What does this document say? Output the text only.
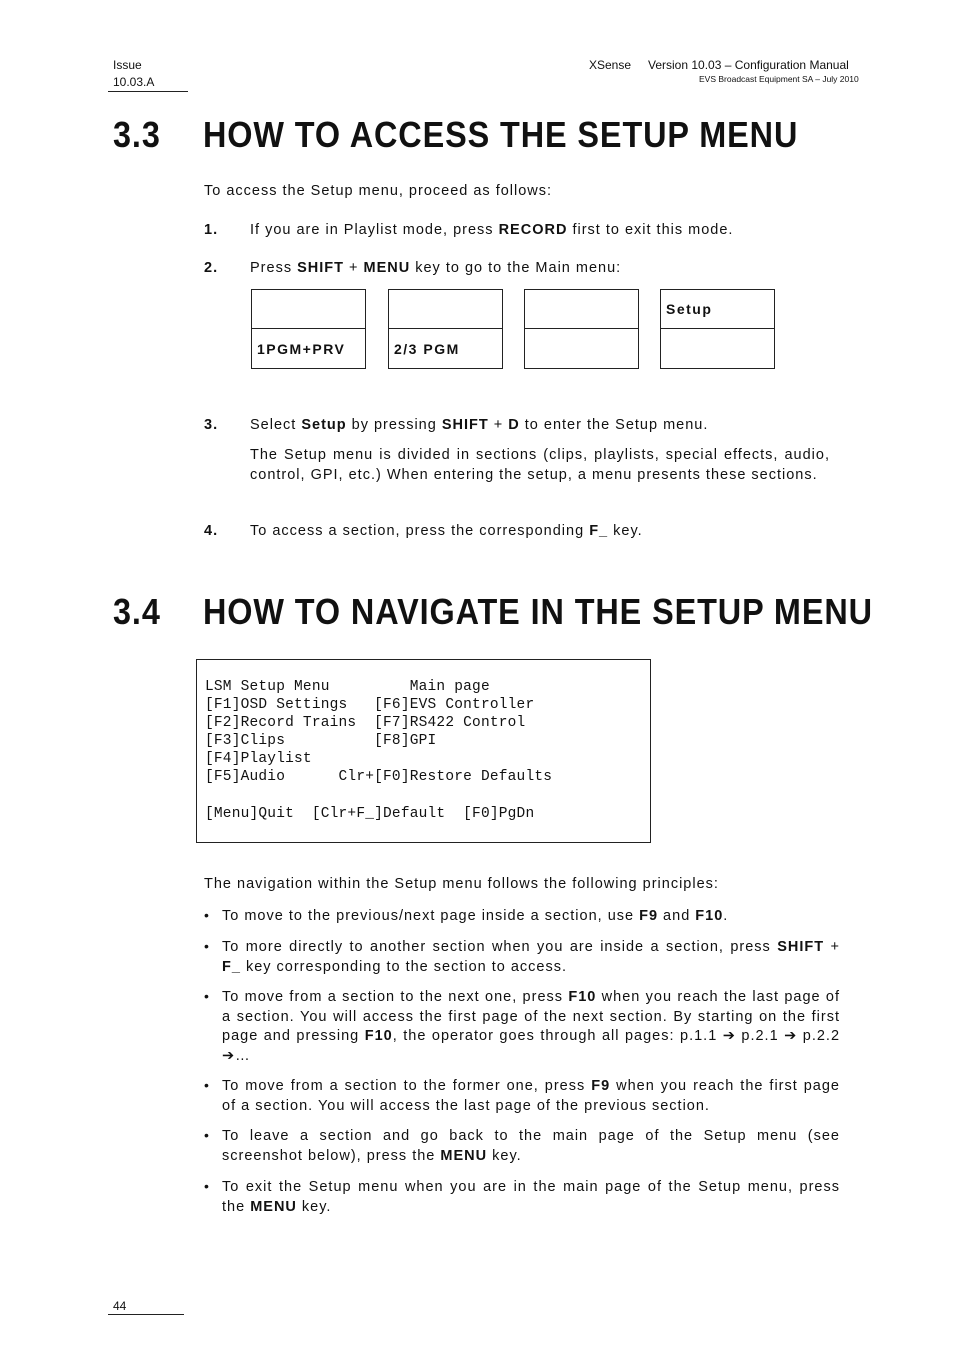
Issue
10.03.A
XSense Version 10.03 – Configuration Manual
EVS Broadcast Equipment SA – July 2010
3.3 HOW TO ACCESS THE SETUP MENU
To access the Setup menu, proceed as follows:
1. If you are in Playlist mode, press RECORD first to exit this mode.
2. Press SHIFT + MENU key to go to the Main menu:
1PGM+PRV	2/3 PGM
Setup
3. Select Setup by pressing SHIFT + D to enter the Setup menu.
The Setup menu is divided in sections (clips, playlists, special effects, audio, control, GPI, etc.) When entering the setup, a menu presents these sections.
4. To access a section, press the corresponding F_ key.
3.4 HOW TO NAVIGATE IN THE SETUP MENU
LSM Setup Menu         Main page
[F1]OSD Settings   [F6]EVS Controller
[F2]Record Trains  [F7]RS422 Control
[F3]Clips          [F8]GPI
[F4]Playlist
[F5]Audio      Clr+[F0]Restore Defaults
[Menu]Quit  [Clr+F_]Default  [F0]PgDn
The navigation within the Setup menu follows the following principles:
• To move to the previous/next page inside a section, use F9 and F10.
• To more directly to another section when you are inside a section, press SHIFT + F_ key corresponding to the section to access.
• To move from a section to the next one, press F10 when you reach the last page of a section. You will access the first page of the next section. By starting on the first page and pressing F10, the operator goes through all pages: p.1.1 ➔ p.2.1 ➔ p.2.2 ➔…
• To move from a section to the former one, press F9 when you reach the first page of a section. You will access the last page of the previous section.
• To leave a section and go back to the main page of the Setup menu (see screenshot below), press the MENU key.
• To exit the Setup menu when you are in the main page of the Setup menu, press the MENU key.
44
